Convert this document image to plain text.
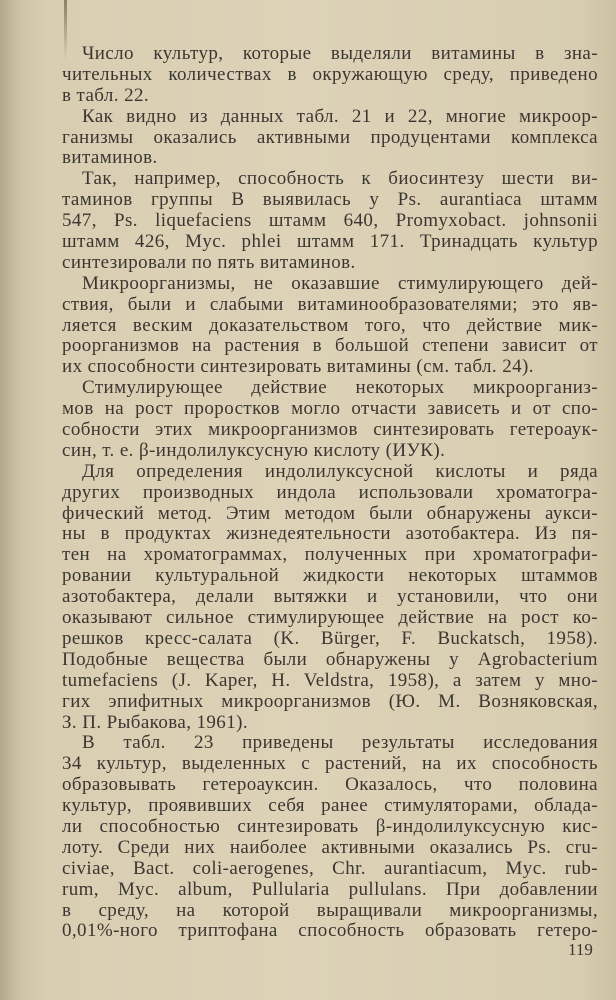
Число культур, которые выделяли витамины в зна-
чительных количествах в окружающую среду, приведено
в табл. 22.
Как видно из данных табл. 21 и 22, многие микроор-
ганизмы оказались активными продуцентами комплекса
витаминов.
Так, например, способность к биосинтезу шести ви-
таминов группы В выявилась у Ps. aurantiaca штамм
547, Ps. liquefaciens штамм 640, Promyxobact. johnsonii
штамм 426, Myc. phlei штамм 171. Тринадцать культур
синтезировали по пять витаминов.
Микроорганизмы, не оказавшие стимулирующего дей-
ствия, были и слабыми витаминообразователями; это яв-
ляется веским доказательством того, что действие мик-
роорганизмов на растения в большой степени зависит от
их способности синтезировать витамины (см. табл. 24).
Стимулирующее действие некоторых микроорганиз-
мов на рост проростков могло отчасти зависеть и от спо-
собности этих микроорганизмов синтезировать гетероаук-
син, т. е. β-индолилуксусную кислоту (ИУК).
Для определения индолилуксусной кислоты и ряда
других производных индола использовали хроматогра-
фический метод. Этим методом были обнаружены аукси-
ны в продуктах жизнедеятельности азотобактера. Из пя-
тен на хроматограммах, полученных при хроматографи-
ровании культуральной жидкости некоторых штаммов
азотобактера, делали вытяжки и установили, что они
оказывают сильное стимулирующее действие на рост ко-
решков кресс-салата (K. Bürger, F. Buckatsch, 1958).
Подобные вещества были обнаружены у Agrobacterium
tumefaciens (J. Kaper, H. Veldstra, 1958), а затем у мно-
гих эпифитных микроорганизмов (Ю. М. Возняковская,
З. П. Рыбакова, 1961).
В табл. 23 приведены результаты исследования
34 культур, выделенных с растений, на их способность
образовывать гетероауксин. Оказалось, что половина
культур, проявивших себя ранее стимуляторами, облада-
ли способностью синтезировать β-индолилуксусную кис-
лоту. Среди них наиболее активными оказались Ps. cru-
civiae, Bact. coli-aerogenes, Chr. aurantiacum, Myc. rub-
rum, Myc. album, Pullularia pullulans. При добавлении
в среду, на которой выращивали микроорганизмы,
0,01%-ного триптофана способность образовать гетеро-
119
